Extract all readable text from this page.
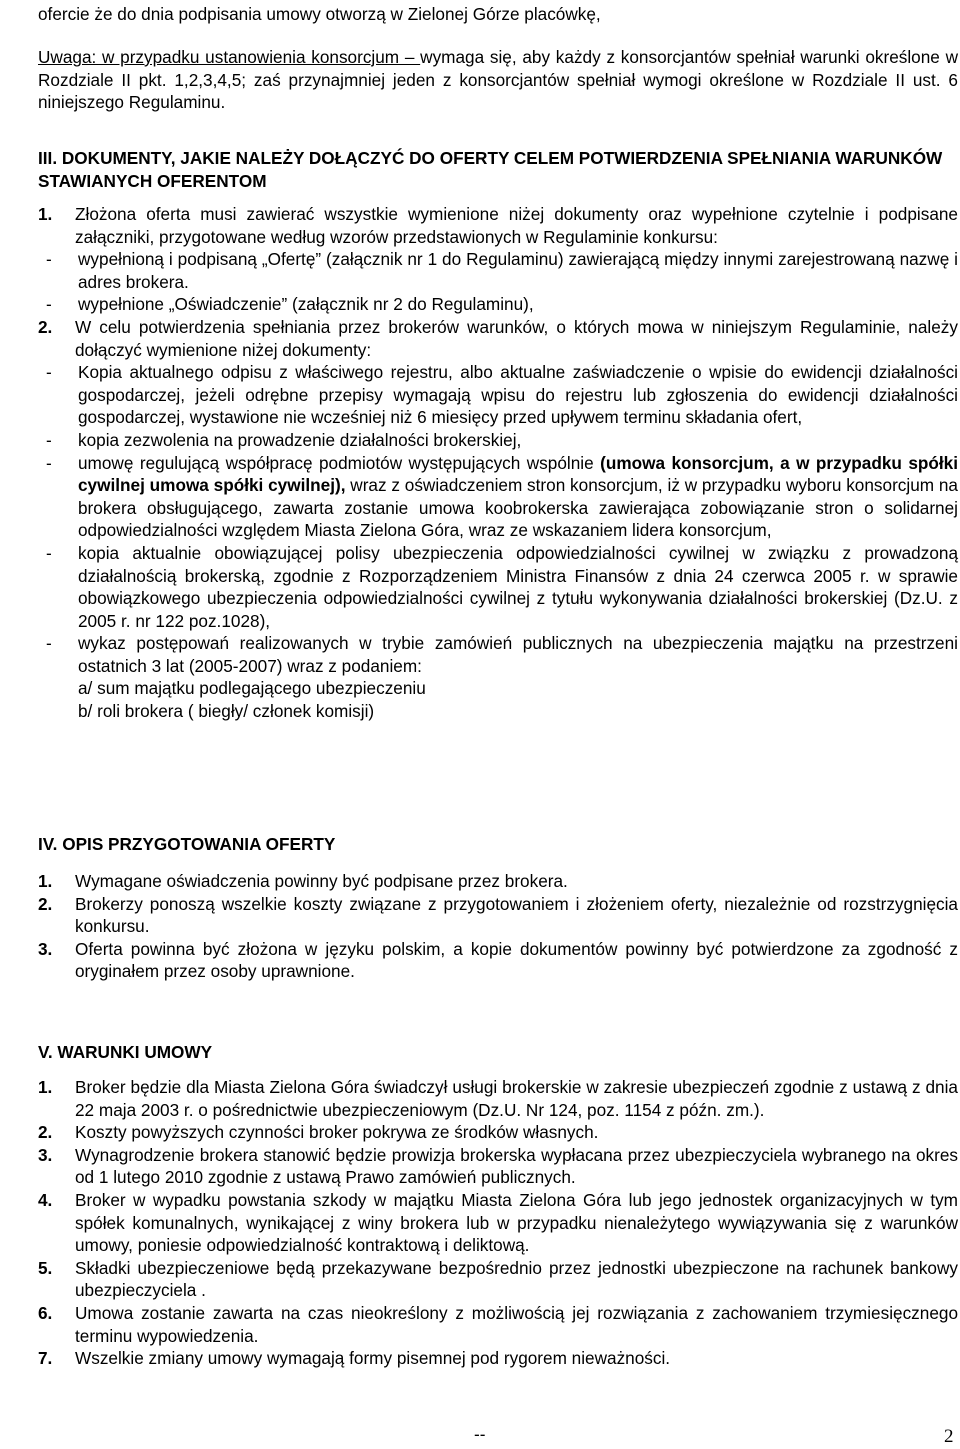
ofercie że do dnia podpisania umowy otworzą w Zielonej Górze placówkę,

Uwaga: w przypadku ustanowienia konsorcjum – wymaga się, aby każdy z konsorcjantów spełniał warunki określone w Rozdziale II pkt. 1,2,3,4,5; zaś przynajmniej jeden z konsorcjantów spełniał wymogi określone w Rozdziale II ust. 6 niniejszego Regulaminu.

III. DOKUMENTY, JAKIE NALEŻY DOŁĄCZYĆ DO OFERTY CELEM POTWIERDZENIA SPEŁNIANIA WARUNKÓW STAWIANYCH OFERENTOM
1. Złożona oferta musi zawierać wszystkie wymienione niżej dokumenty oraz wypełnione czytelnie i podpisane załączniki, przygotowane według wzorów przedstawionych w Regulaminie konkursu:
- wypełnioną i podpisaną „Ofertę” (załącznik nr 1 do Regulaminu) zawierającą między innymi zarejestrowaną nazwę i adres brokera.
- wypełnione „Oświadczenie” (załącznik nr 2 do Regulaminu),
2. W celu potwierdzenia spełniania przez brokerów warunków, o których mowa w niniejszym Regulaminie, należy dołączyć wymienione niżej dokumenty:
- Kopia aktualnego odpisu z właściwego rejestru, albo aktualne zaświadczenie o wpisie do ewidencji działalności gospodarczej, jeżeli odrębne przepisy wymagają wpisu do rejestru lub zgłoszenia do ewidencji działalności gospodarczej, wystawione nie wcześniej niż 6 miesięcy przed upływem terminu składania ofert,
- kopia zezwolenia na prowadzenie działalności brokerskiej,
- umowę regulującą współpracę podmiotów występujących wspólnie (umowa konsorcjum, a w przypadku spółki cywilnej umowa spółki cywilnej), wraz z oświadczeniem stron konsorcjum, iż w przypadku wyboru konsorcjum na brokera obsługującego, zawarta zostanie umowa koobrokerska zawierająca zobowiązanie stron o solidarnej odpowiedzialności względem Miasta Zielona Góra, wraz ze wskazaniem lidera konsorcjum,
- kopia aktualnie obowiązującej polisy ubezpieczenia odpowiedzialności cywilnej w związku z prowadzoną działalnością brokerską, zgodnie z Rozporządzeniem Ministra Finansów z dnia 24 czerwca 2005 r. w sprawie obowiązkowego ubezpieczenia odpowiedzialności cywilnej z tytułu wykonywania działalności brokerskiej (Dz.U. z 2005 r. nr 122 poz.1028),
- wykaz postępowań realizowanych w trybie zamówień publicznych na ubezpieczenia majątku na przestrzeni ostatnich 3 lat (2005-2007) wraz z podaniem:

a/ sum majątku podlegającego ubezpieczeniu

b/ roli brokera ( biegły/ członek komisji)

IV. OPIS PRZYGOTOWANIA OFERTY
1. Wymagane oświadczenia powinny być podpisane przez brokera.
2. Brokerzy ponoszą wszelkie koszty związane z przygotowaniem i złożeniem oferty, niezależnie od rozstrzygnięcia konkursu.
3. Oferta powinna być złożona w języku polskim, a kopie dokumentów powinny być potwierdzone za zgodność z oryginałem przez osoby uprawnione.
V. WARUNKI UMOWY
1. Broker będzie dla Miasta Zielona Góra świadczył usługi brokerskie w zakresie ubezpieczeń zgodnie z ustawą z dnia 22 maja 2003 r. o pośrednictwie ubezpieczeniowym (Dz.U. Nr 124, poz. 1154 z późn. zm.).
2. Koszty powyższych czynności broker pokrywa ze środków własnych.
3. Wynagrodzenie brokera stanowić będzie prowizja brokerska wypłacana przez ubezpieczyciela wybranego na okres od 1 lutego 2010 zgodnie z ustawą Prawo zamówień publicznych.
4. Broker w wypadku powstania szkody w majątku Miasta Zielona Góra lub jego jednostek organizacyjnych w tym spółek komunalnych, wynikającej z winy brokera lub w przypadku nienależytego wywiązywania się z warunków umowy, poniesie odpowiedzialność kontraktową i deliktową.
5. Składki ubezpieczeniowe będą przekazywane bezpośrednio przez jednostki ubezpieczone na rachunek bankowy ubezpieczyciela .
6. Umowa zostanie zawarta na czas nieokreślony z możliwością jej rozwiązania z zachowaniem trzymiesięcznego terminu wypowiedzenia.
7. Wszelkie zmiany umowy wymagają formy pisemnej pod rygorem nieważności.
--	2
